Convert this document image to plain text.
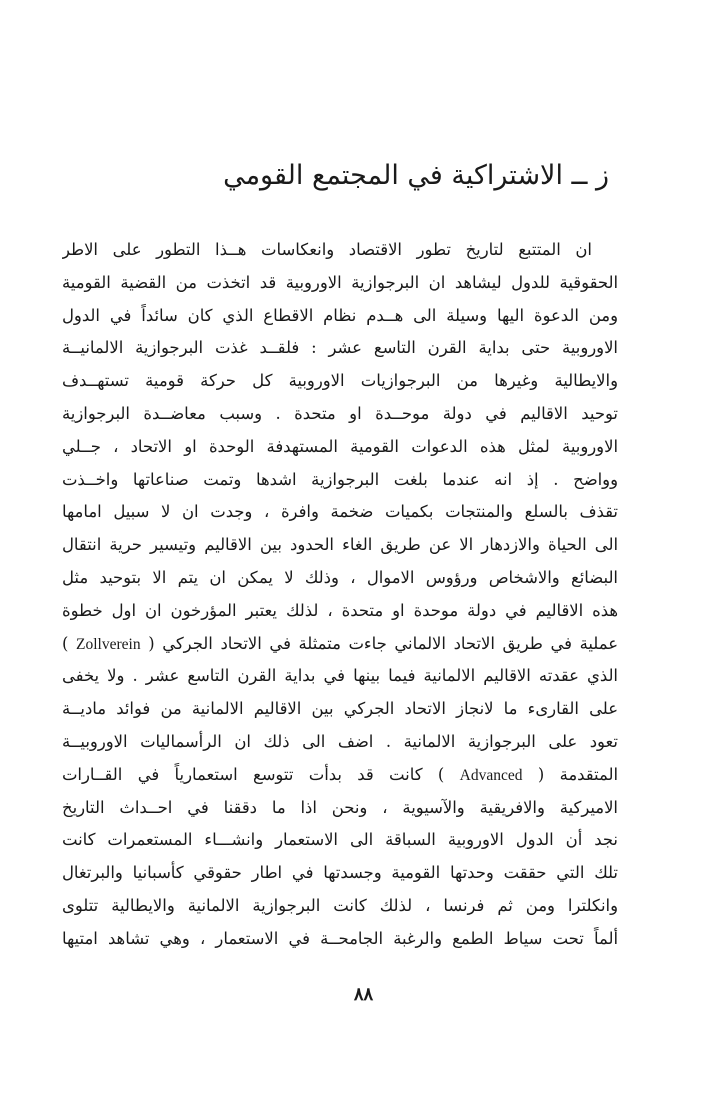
ز ــ الاشتراكية في المجتمع القومي
ان المتتبع لتاريخ تطور الاقتصاد وانعكاسات هــذا التطور على الاطر
الحقوقية للدول ليشاهد ان البرجوازية الاوروبية قد اتخذت من القضية القومية
ومن الدعوة اليها وسيلة الى هــدم نظام الاقطاع الذي كان سائداً في الدول
الاوروبية حتى بداية القرن التاسع عشر : فلقــد غذت البرجوازية الالمانيــة
والايطالية وغيرها من البرجوازيات الاوروبية كل حركة قومية تستهــدف
توحيد الاقاليم في دولة موحــدة او متحدة . وسبب معاضــدة البرجوازية
الاوروبية لمثل هذه الدعوات القومية المستهدفة الوحدة او الاتحاد ، جــلي
وواضح . إذ انه عندما بلغت البرجوازية اشدها وتمت صناعاتها واخــذت
تقذف بالسلع والمنتجات بكميات ضخمة وافرة ، وجدت ان لا سبيل امامها
الى الحياة والازدهار الا عن طريق الغاء الحدود بين الاقاليم وتيسير حرية انتقال
البضائع والاشخاص ورؤوس الاموال ، وذلك لا يمكن ان يتم الا بتوحيد مثل
هذه الاقاليم في دولة موحدة او متحدة ، لذلك يعتبر المؤرخون ان اول خطوة
عملية في طريق الاتحاد الالماني جاءت متمثلة في الاتحاد الجركي ( Zollverein )
الذي عقدته الاقاليم الالمانية فيما بينها في بداية القرن التاسع عشر . ولا يخفى
على القارىء ما لانجاز الاتحاد الجركي بين الاقاليم الالمانية من فوائد ماديــة
تعود على البرجوازية الالمانية . اضف الى ذلك ان الرأسماليات الاوروبيــة
المتقدمة ( Advanced ) كانت قد بدأت تتوسع استعمارياً في القــارات
الاميركية والافريقية والآسيوية ، ونحن اذا ما دققنا في احــداث التاريخ
نجد أن الدول الاوروبية السباقة الى الاستعمار وانشـــاء المستعمرات كانت
تلك التي حققت وحدتها القومية وجسدتها في اطار حقوقي كأسبانيا والبرتغال
وانكلترا ومن ثم فرنسا ، لذلك كانت البرجوازية الالمانية والايطالية تتلوى
ألماً تحت سياط الطمع والرغبة الجامحــة في الاستعمار ، وهي تشاهد امتيها
٨٨
